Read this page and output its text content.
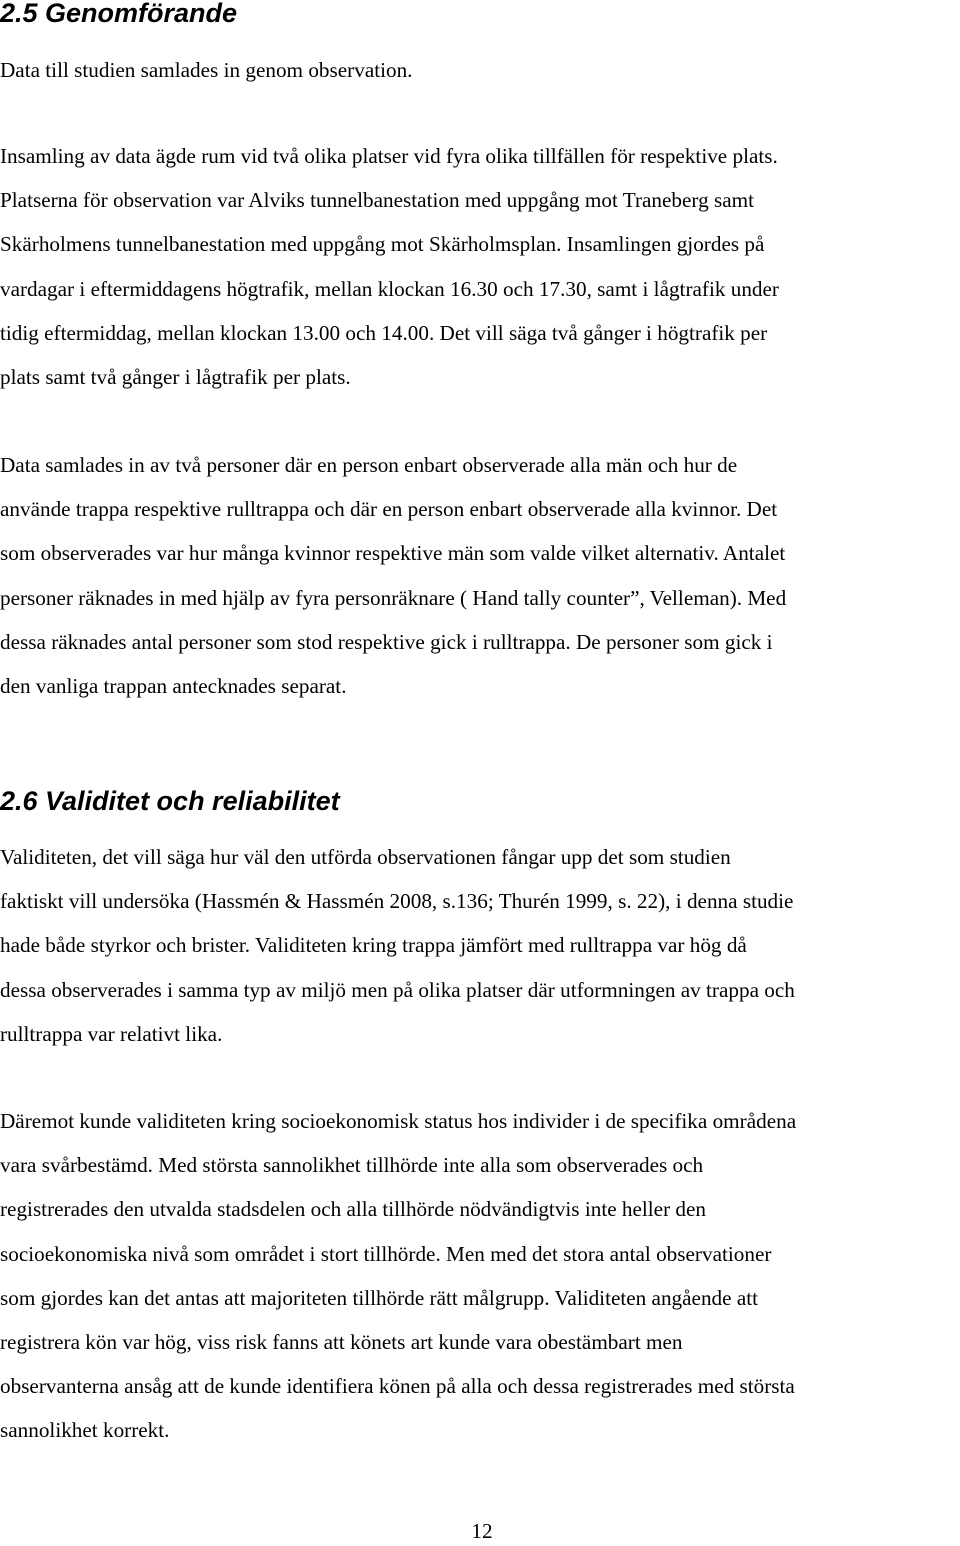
2.5 Genomförande

Data till studien samlades in genom observation.

Insamling av data ägde rum vid två olika platser vid fyra olika tillfällen för respektive plats.
Platserna för observation var Alviks tunnelbanestation med uppgång mot Traneberg samt
Skärholmens tunnelbanestation med uppgång mot Skärholmsplan. Insamlingen gjordes på
vardagar i eftermiddagens högtrafik, mellan klockan 16.30 och 17.30, samt i lågtrafik under
tidig eftermiddag, mellan klockan 13.00 och 14.00. Det vill säga två gånger i högtrafik per
plats samt två gånger i lågtrafik per plats.

Data samlades in av två personer där en person enbart observerade alla män och hur de
använde trappa respektive rulltrappa och där en person enbart observerade alla kvinnor. Det
som observerades var hur många kvinnor respektive män som valde vilket alternativ. Antalet
personer räknades in med hjälp av fyra personräknare ( Hand tally counter”, Velleman). Med
dessa räknades antal personer som stod respektive gick i rulltrappa. De personer som gick i
den vanliga trappan antecknades separat.

2.6 Validitet och reliabilitet

Validiteten, det vill säga hur väl den utförda observationen fångar upp det som studien
faktiskt vill undersöka (Hassmén & Hassmén 2008, s.136; Thurén 1999, s. 22), i denna studie
hade både styrkor och brister. Validiteten kring trappa jämfört med rulltrappa var hög då
dessa observerades i samma typ av miljö men på olika platser där utformningen av trappa och
rulltrappa var relativt lika.

Däremot kunde validiteten kring socioekonomisk status hos individer i de specifika områdena
vara svårbestämd. Med största sannolikhet tillhörde inte alla som observerades och
registrerades den utvalda stadsdelen och alla tillhörde nödvändigtvis inte heller den
socioekonomiska nivå som området i stort tillhörde. Men med det stora antal observationer
som gjordes kan det antas att majoriteten tillhörde rätt målgrupp. Validiteten angående att
registrera kön var hög, viss risk fanns att könets art kunde vara obestämbart men
observanterna ansåg att de kunde identifiera könen på alla och dessa registrerades med största
sannolikhet korrekt.

12
